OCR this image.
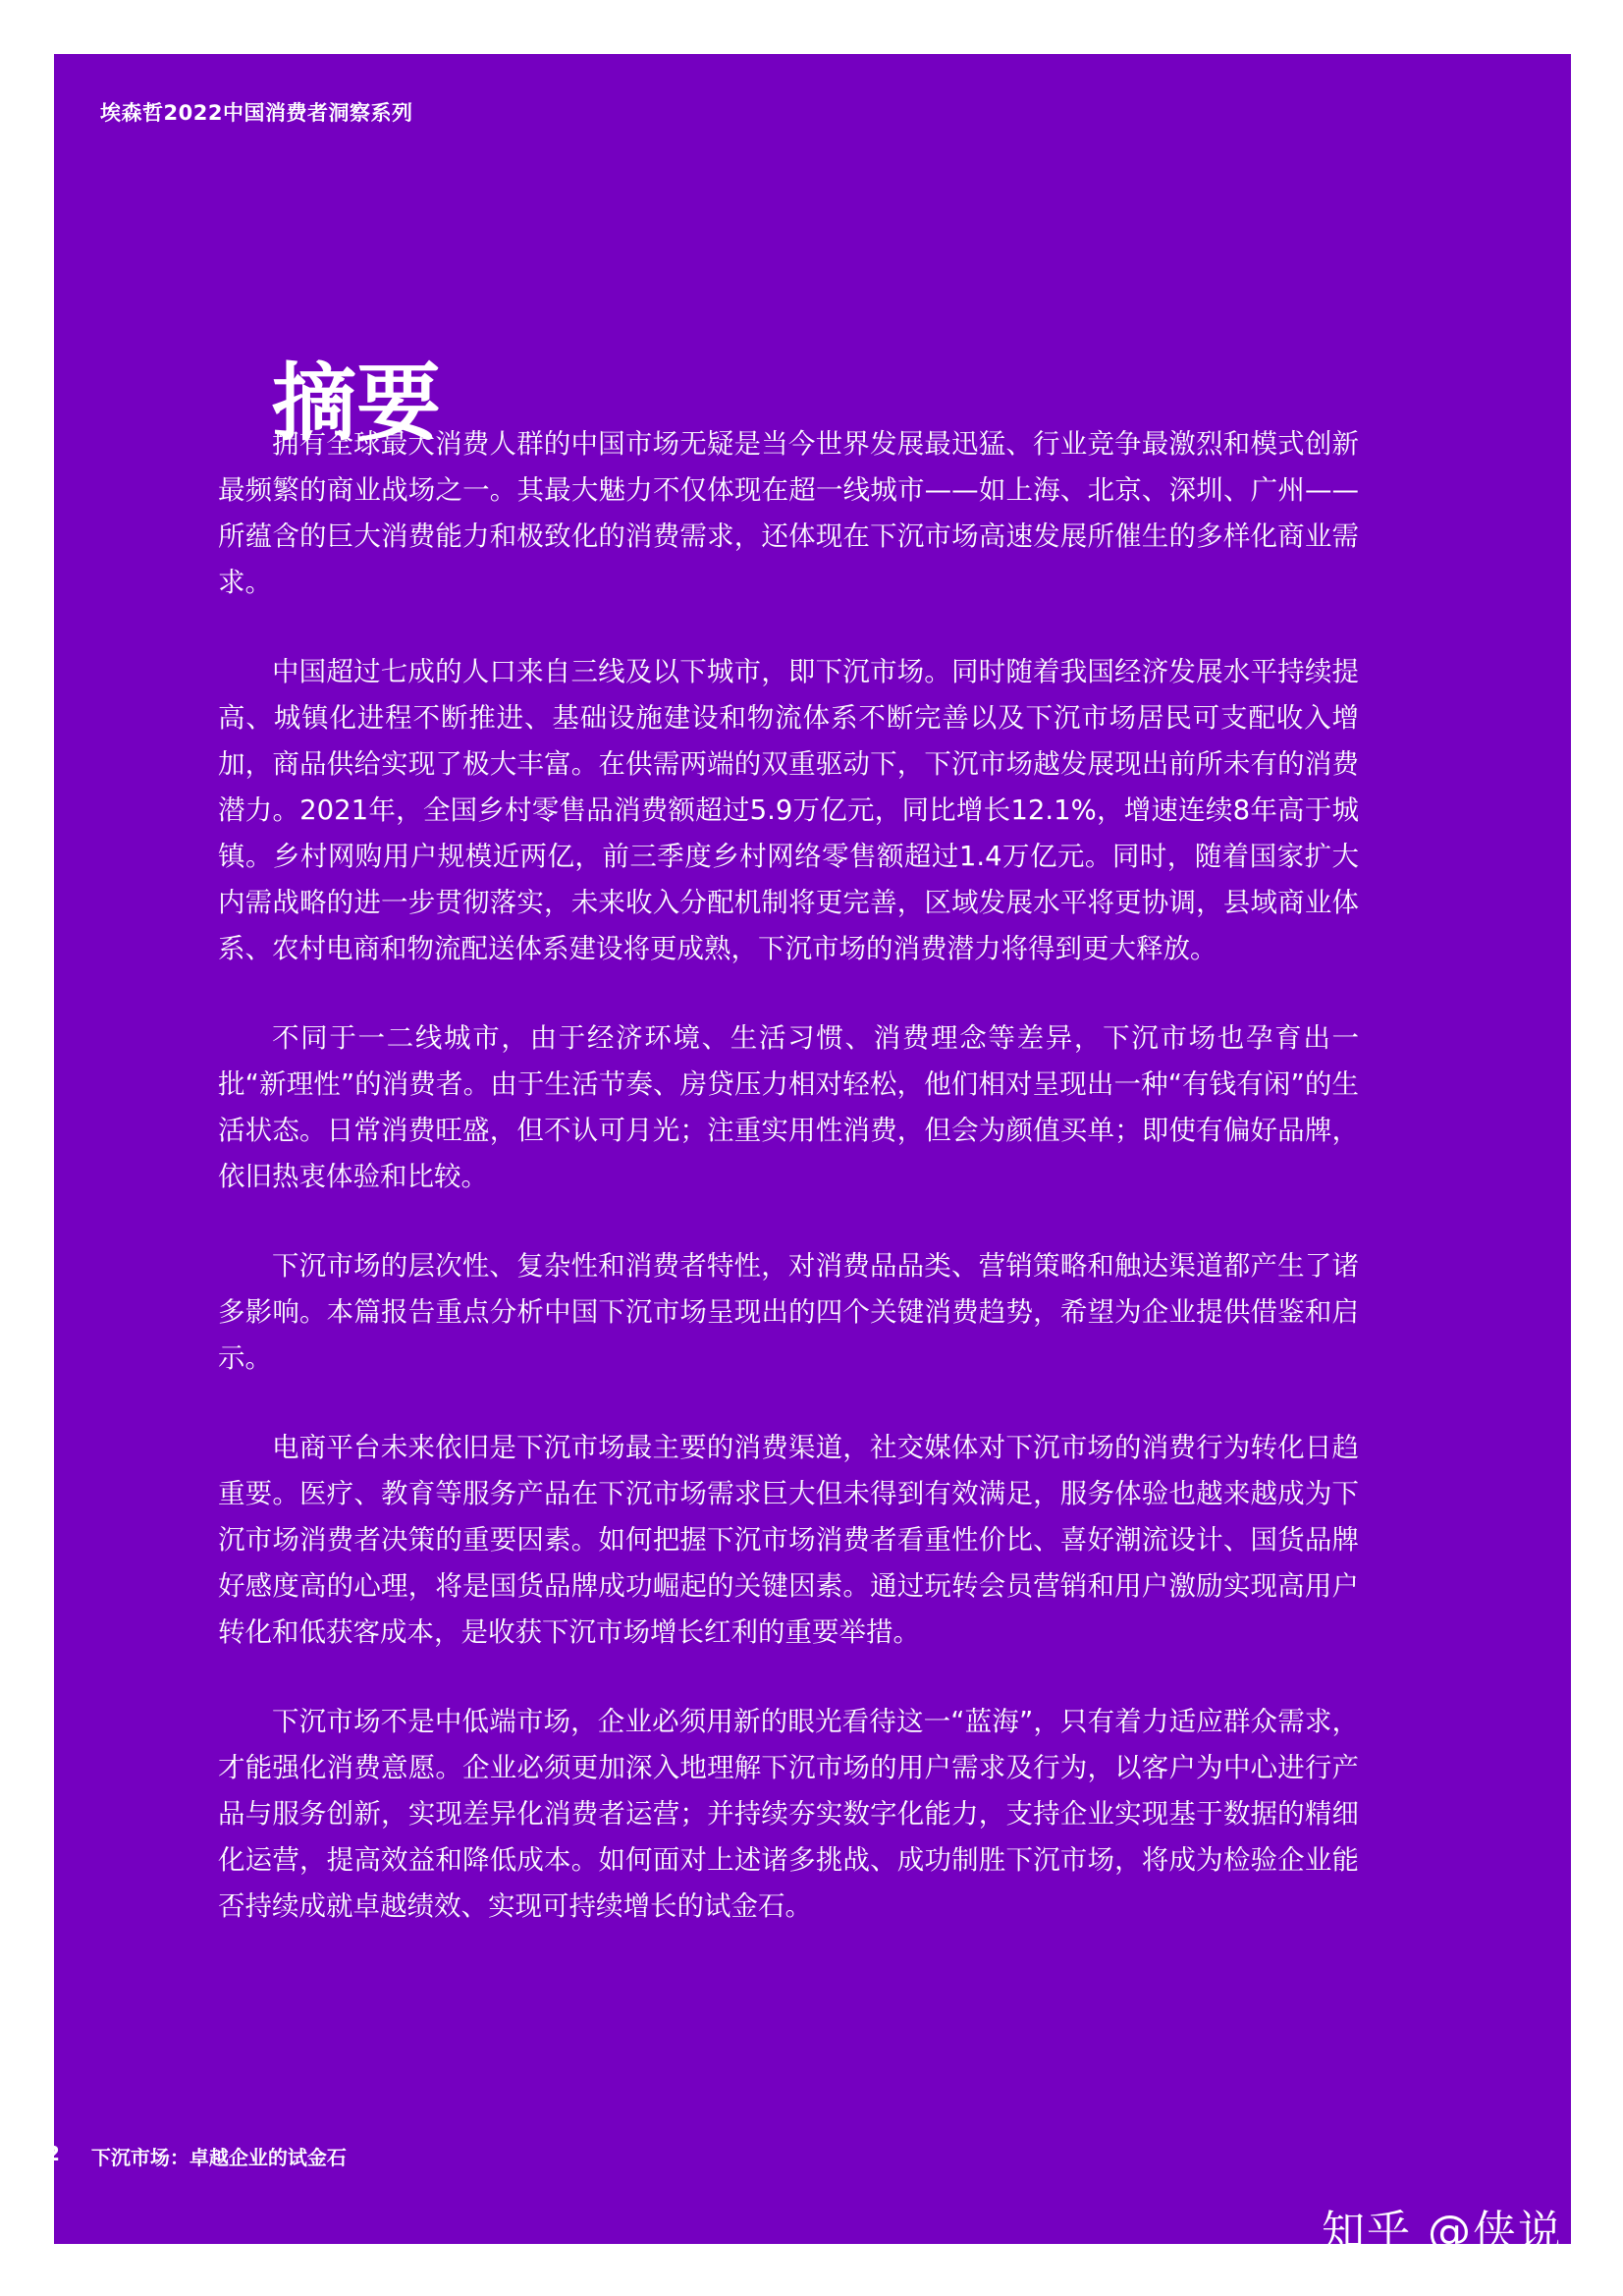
埃森哲2022中国消费者洞察系列
摘要

拥有全球最大消费人群的中国市场无疑是当今世界发展最迅猛、行业竞争最激烈和模式创新最频繁的商业战场之一。其最大魅力不仅体现在超一线城市——如上海、北京、深圳、广州——所蕴含的巨大消费能力和极致化的消费需求，还体现在下沉市场高速发展所催生的多样化商业需求。

中国超过七成的人口来自三线及以下城市，即下沉市场。同时随着我国经济发展水平持续提高、城镇化进程不断推进、基础设施建设和物流体系不断完善以及下沉市场居民可支配收入增加，商品供给实现了极大丰富。在供需两端的双重驱动下，下沉市场越发展现出前所未有的消费潜力。2021年，全国乡村零售品消费额超过5.9万亿元，同比增长12.1%，增速连续8年高于城镇。乡村网购用户规模近两亿，前三季度乡村网络零售额超过1.4万亿元。同时，随着国家扩大内需战略的进一步贯彻落实，未来收入分配机制将更完善，区域发展水平将更协调，县域商业体系、农村电商和物流配送体系建设将更成熟，下沉市场的消费潜力将得到更大释放。

不同于一二线城市，由于经济环境、生活习惯、消费理念等差异，下沉市场也孕育出一批“新理性”的消费者。由于生活节奏、房贷压力相对轻松，他们相对呈现出一种“有钱有闲”的生活状态。日常消费旺盛，但不认可月光；注重实用性消费，但会为颜值买单；即使有偏好品牌，依旧热衷体验和比较。

下沉市场的层次性、复杂性和消费者特性，对消费品品类、营销策略和触达渠道都产生了诸多影响。本篇报告重点分析中国下沉市场呈现出的四个关键消费趋势，希望为企业提供借鉴和启示。

电商平台未来依旧是下沉市场最主要的消费渠道，社交媒体对下沉市场的消费行为转化日趋重要。医疗、教育等服务产品在下沉市场需求巨大但未得到有效满足，服务体验也越来越成为下沉市场消费者决策的重要因素。如何把握下沉市场消费者看重性价比、喜好潮流设计、国货品牌好感度高的心理，将是国货品牌成功崛起的关键因素。通过玩转会员营销和用户激励实现高用户转化和低获客成本，是收获下沉市场增长红利的重要举措。

下沉市场不是中低端市场，企业必须用新的眼光看待这一“蓝海”，只有着力适应群众需求，才能强化消费意愿。企业必须更加深入地理解下沉市场的用户需求及行为，以客户为中心进行产品与服务创新，实现差异化消费者运营；并持续夯实数字化能力，支持企业实现基于数据的精细化运营，提高效益和降低成本。如何面对上述诸多挑战、成功制胜下沉市场，将成为检验企业能否持续成就卓越绩效、实现可持续增长的试金石。

2 下沉市场：卓越企业的试金石
知乎 @侠说
